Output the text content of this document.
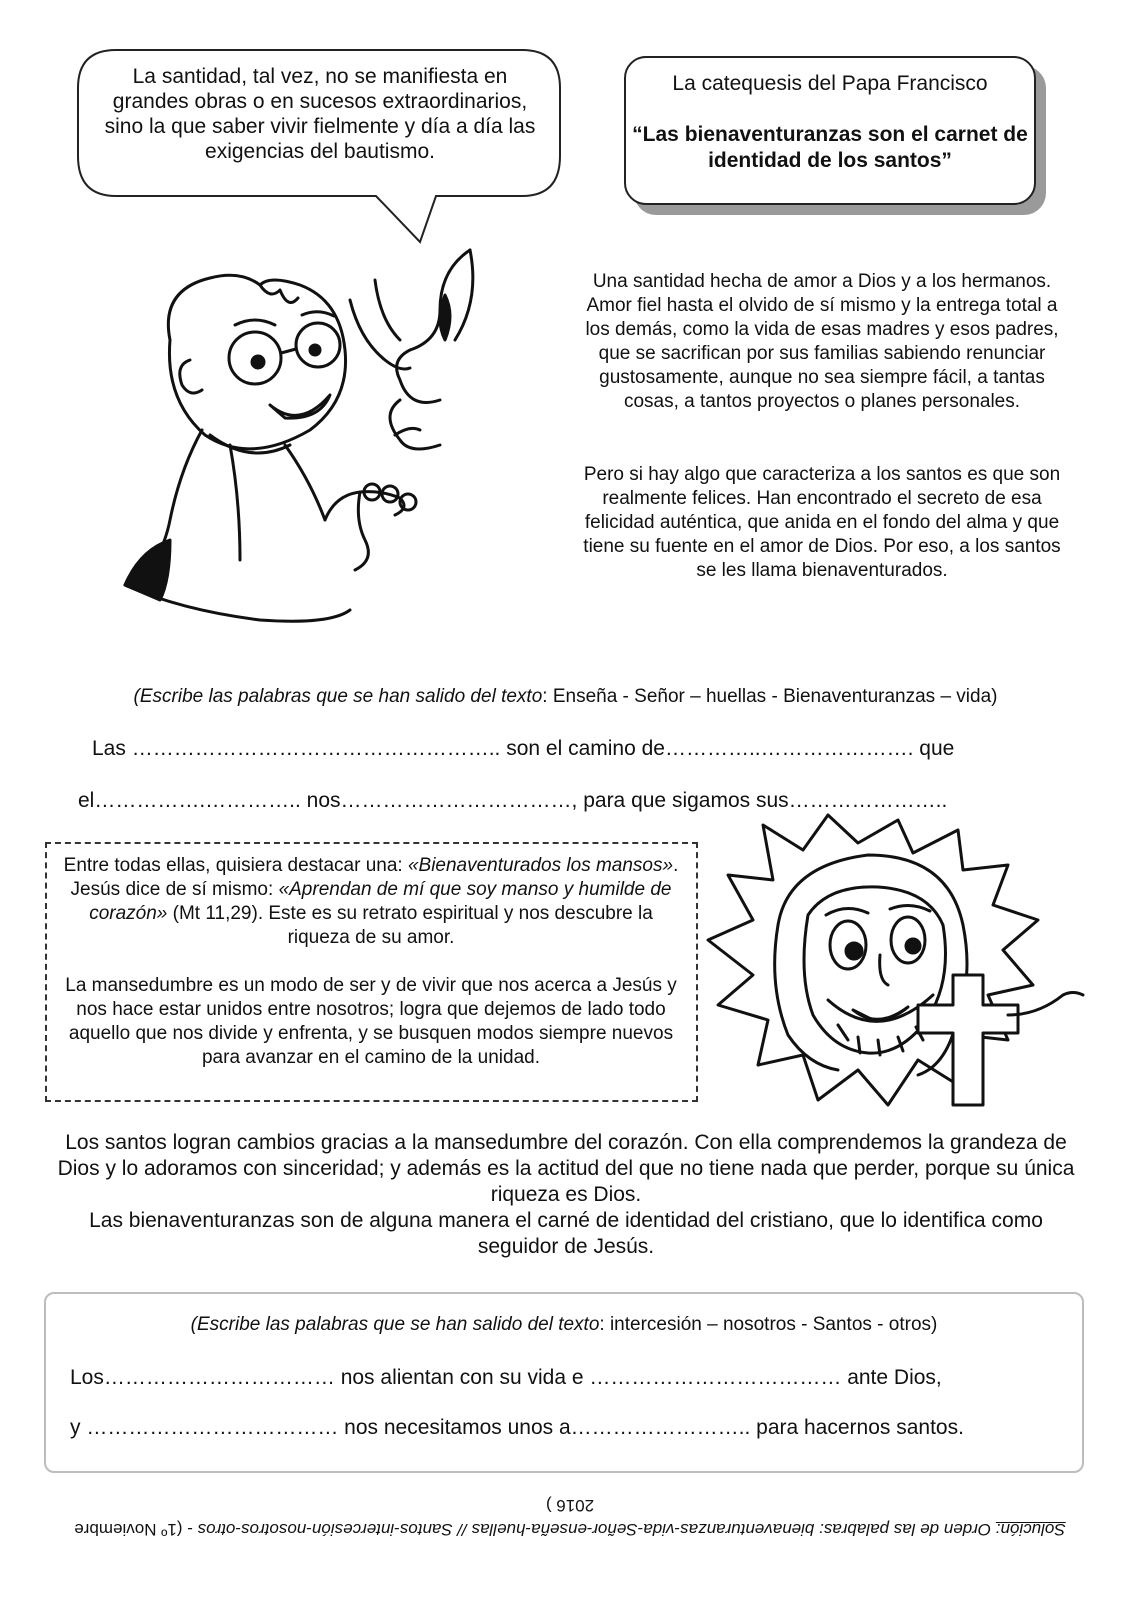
La santidad, tal vez, no se manifiesta en grandes obras o en sucesos extraordinarios, sino la que saber vivir fielmente y día a día las exigencias del bautismo.
La catequesis del Papa Francisco
“Las bienaventuranzas son el carnet de identidad de los santos”
Una santidad hecha de amor a Dios y a los hermanos. Amor fiel hasta el olvido de sí mismo y la entrega total a los demás, como la vida de esas madres y esos padres, que se sacrifican por sus familias sabiendo renunciar gustosamente, aunque no sea siempre fácil, a tantas cosas, a tantos proyectos o planes personales.
Pero si hay algo que caracteriza a los santos es que son realmente felices. Han encontrado el secreto de esa felicidad auténtica, que anida en el fondo del alma y que tiene su fuente en el amor de Dios. Por eso, a los santos se les llama bienaventurados.
(Escribe las palabras que se han salido del texto: Enseña - Señor – huellas - Bienaventuranzas – vida)
Las …………………………………………….. son el camino de…………..…………………. que
el…………….………….. nos……………………………, para que sigamos sus…………………..
Entre todas ellas, quisiera destacar una: «Bienaventurados los mansos». Jesús dice de sí mismo: «Aprendan de mí que soy manso y humilde de corazón» (Mt 11,29). Este es su retrato espiritual y nos descubre la riqueza de su amor.
La mansedumbre es un modo de ser y de vivir que nos acerca a Jesús y nos hace estar unidos entre nosotros; logra que dejemos de lado todo aquello que nos divide y enfrenta, y se busquen modos siempre nuevos para avanzar en el camino de la unidad.
Los santos logran cambios gracias a la mansedumbre del corazón. Con ella comprendemos la grandeza de Dios y lo adoramos con sinceridad; y además es la actitud del que no tiene nada que perder, porque su única riqueza es Dios.
Las bienaventuranzas son de alguna manera el carné de identidad del cristiano, que lo identifica como seguidor de Jesús.
(Escribe las palabras que se han salido del texto: intercesión – nosotros - Santos - otros)
Los…………………………… nos alientan con su vida e ……………………………… ante Dios,
y ……………………………… nos necesitamos unos a…………………….. para hacernos santos.
Solución: Orden de las palabras: bienaventuranzas-vida-Señor-enseña-huellas // Santos-intercesión-nosotros-otros - (1º Noviembre 2016 )
